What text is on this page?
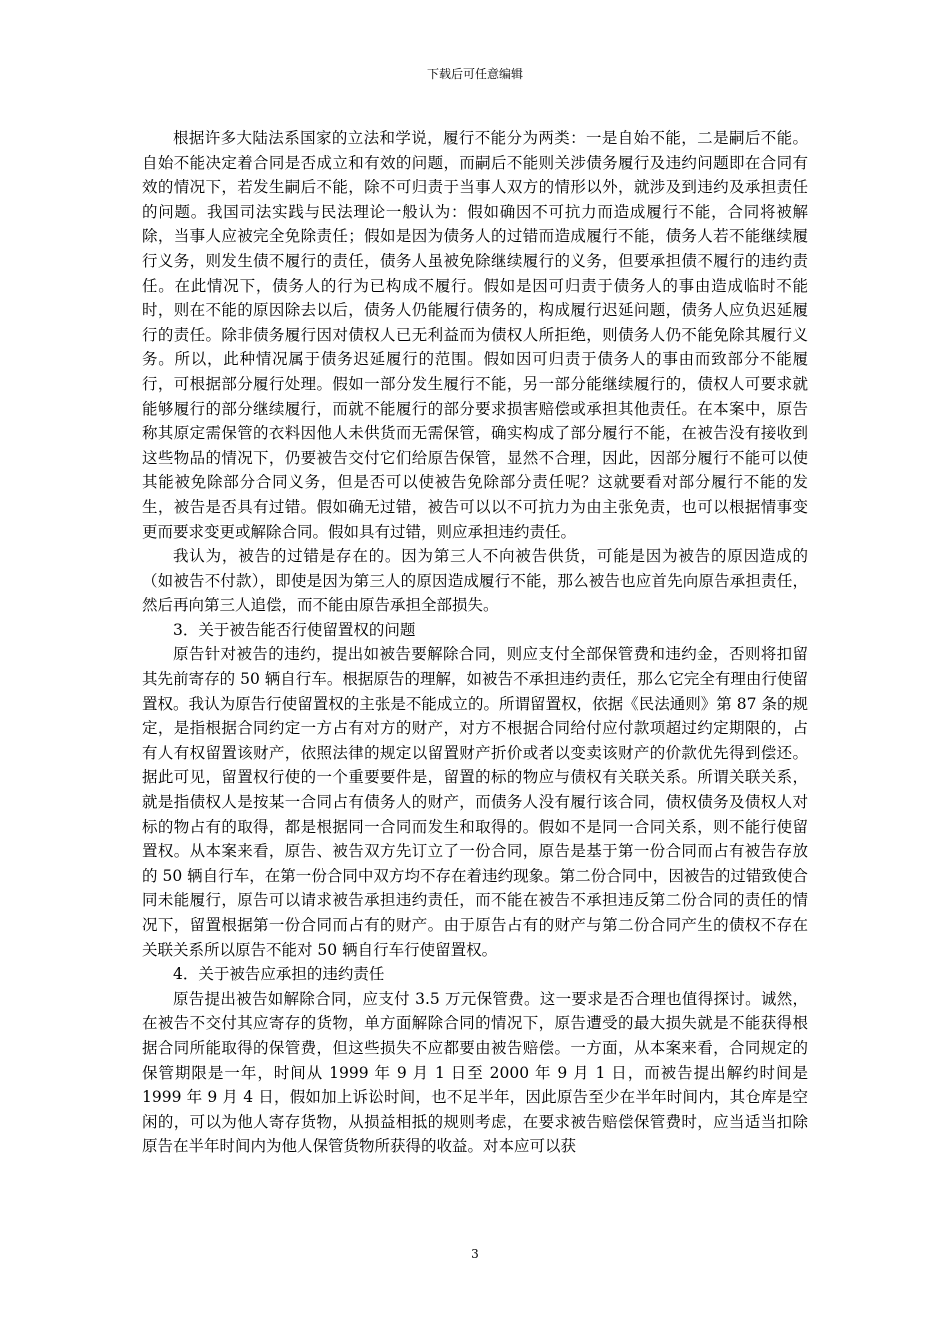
下载后可任意编辑

根据许多大陆法系国家的立法和学说，履行不能分为两类：一是自始不能，二是嗣后不能。自始不能决定着合同是否成立和有效的问题，而嗣后不能则关涉债务履行及违约问题即在合同有效的情况下，若发生嗣后不能，除不可归责于当事人双方的情形以外，就涉及到违约及承担责任的问题。我国司法实践与民法理论一般认为：假如确因不可抗力而造成履行不能，合同将被解除，当事人应被完全免除责任；假如是因为债务人的过错而造成履行不能，债务人若不能继续履行义务，则发生债不履行的责任，债务人虽被免除继续履行的义务，但要承担债不履行的违约责任。在此情况下，债务人的行为已构成不履行。假如是因可归责于债务人的事由造成临时不能时，则在不能的原因除去以后，债务人仍能履行债务的，构成履行迟延问题，债务人应负迟延履行的责任。除非债务履行因对债权人已无利益而为债权人所拒绝，则债务人仍不能免除其履行义务。所以，此种情况属于债务迟延履行的范围。假如因可归责于债务人的事由而致部分不能履行，可根据部分履行处理。假如一部分发生履行不能，另一部分能继续履行的，债权人可要求就能够履行的部分继续履行，而就不能履行的部分要求损害赔偿或承担其他责任。在本案中，原告称其原定需保管的衣料因他人未供货而无需保管，确实构成了部分履行不能，在被告没有接收到这些物品的情况下，仍要被告交付它们给原告保管，显然不合理，因此，因部分履行不能可以使其能被免除部分合同义务，但是否可以使被告免除部分责任呢？这就要看对部分履行不能的发生，被告是否具有过错。假如确无过错，被告可以以不可抗力为由主张免责，也可以根据情事变更而要求变更或解除合同。假如具有过错，则应承担违约责任。

我认为，被告的过错是存在的。因为第三人不向被告供货，可能是因为被告的原因造成的（如被告不付款），即使是因为第三人的原因造成履行不能，那么被告也应首先向原告承担责任，然后再向第三人追偿，而不能由原告承担全部损失。

3．关于被告能否行使留置权的问题

原告针对被告的违约，提出如被告要解除合同，则应支付全部保管费和违约金，否则将扣留其先前寄存的 50 辆自行车。根据原告的理解，如被告不承担违约责任，那么它完全有理由行使留置权。我认为原告行使留置权的主张是不能成立的。所谓留置权，依据《民法通则》第 87 条的规定，是指根据合同约定一方占有对方的财产，对方不根据合同给付应付款项超过约定期限的，占有人有权留置该财产，依照法律的规定以留置财产折价或者以变卖该财产的价款优先得到偿还。据此可见，留置权行使的一个重要要件是，留置的标的物应与债权有关联关系。所谓关联关系，就是指债权人是按某一合同占有债务人的财产，而债务人没有履行该合同，债权债务及债权人对标的物占有的取得，都是根据同一合同而发生和取得的。假如不是同一合同关系，则不能行使留置权。从本案来看，原告、被告双方先订立了一份合同，原告是基于第一份合同而占有被告存放的 50 辆自行车，在第一份合同中双方均不存在着违约现象。第二份合同中，因被告的过错致使合同未能履行，原告可以请求被告承担违约责任，而不能在被告不承担违反第二份合同的责任的情况下，留置根据第一份合同而占有的财产。由于原告占有的财产与第二份合同产生的债权不存在关联关系所以原告不能对 50 辆自行车行使留置权。

4．关于被告应承担的违约责任

原告提出被告如解除合同，应支付 3.5 万元保管费。这一要求是否合理也值得探讨。诚然，在被告不交付其应寄存的货物，单方面解除合同的情况下，原告遭受的最大损失就是不能获得根据合同所能取得的保管费，但这些损失不应都要由被告赔偿。一方面，从本案来看，合同规定的保管期限是一年，时间从 1999 年 9 月 1 日至 2000 年 9 月 1 日，而被告提出解约时间是 1999 年 9 月 4 日，假如加上诉讼时间，也不足半年，因此原告至少在半年时间内，其仓库是空闲的，可以为他人寄存货物，从损益相抵的规则考虑，在要求被告赔偿保管费时，应当适当扣除原告在半年时间内为他人保管货物所获得的收益。对本应可以获

3
